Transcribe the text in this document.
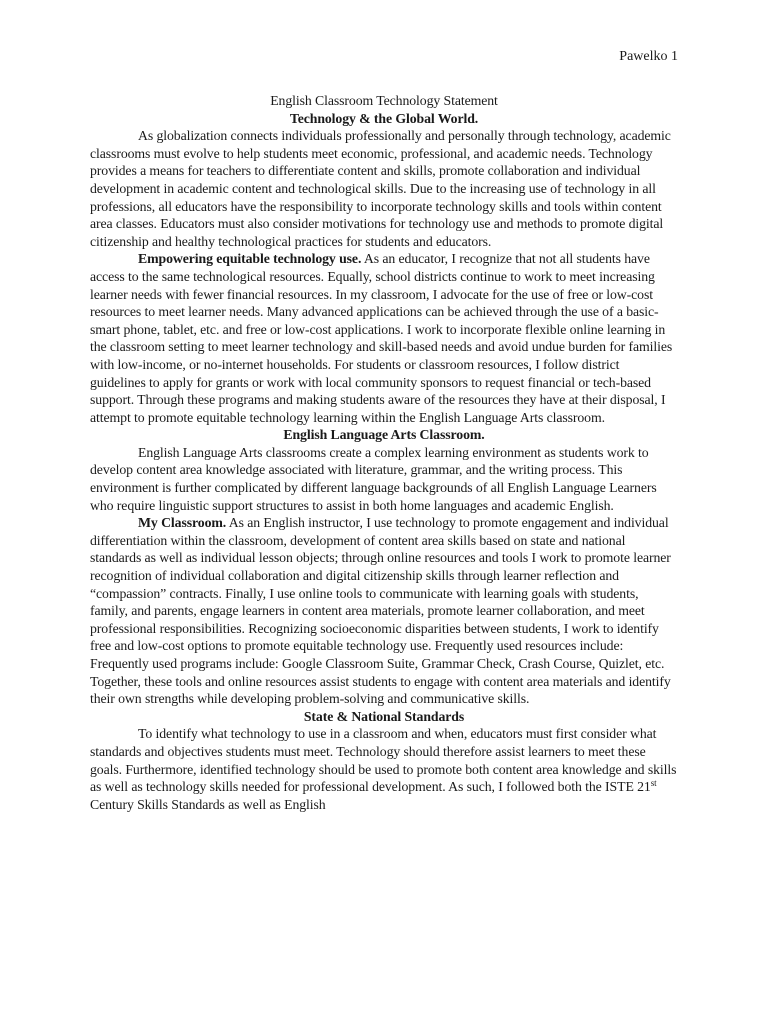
Pawelko 1

English Classroom Technology Statement

Technology & the Global World.

As globalization connects individuals professionally and personally through technology, academic classrooms must evolve to help students meet economic, professional, and academic needs. Technology provides a means for teachers to differentiate content and skills, promote collaboration and individual development in academic content and technological skills. Due to the increasing use of technology in all professions, all educators have the responsibility to incorporate technology skills and tools within content area classes. Educators must also consider motivations for technology use and methods to promote digital citizenship and healthy technological practices for students and educators.

Empowering equitable technology use. As an educator, I recognize that not all students have access to the same technological resources. Equally, school districts continue to work to meet increasing learner needs with fewer financial resources. In my classroom, I advocate for the use of free or low-cost resources to meet learner needs. Many advanced applications can be achieved through the use of a basic-smart phone, tablet, etc. and free or low-cost applications. I work to incorporate flexible online learning in the classroom setting to meet learner technology and skill-based needs and avoid undue burden for families with low-income, or no-internet households. For students or classroom resources, I follow district guidelines to apply for grants or work with local community sponsors to request financial or tech-based support. Through these programs and making students aware of the resources they have at their disposal, I attempt to promote equitable technology learning within the English Language Arts classroom.

English Language Arts Classroom.

English Language Arts classrooms create a complex learning environment as students work to develop content area knowledge associated with literature, grammar, and the writing process. This environment is further complicated by different language backgrounds of all English Language Learners who require linguistic support structures to assist in both home languages and academic English.

My Classroom. As an English instructor, I use technology to promote engagement and individual differentiation within the classroom, development of content area skills based on state and national standards as well as individual lesson objects; through online resources and tools I work to promote learner recognition of individual collaboration and digital citizenship skills through learner reflection and “compassion” contracts. Finally, I use online tools to communicate with learning goals with students, family, and parents, engage learners in content area materials, promote learner collaboration, and meet professional responsibilities. Recognizing socioeconomic disparities between students, I work to identify free and low-cost options to promote equitable technology use. Frequently used resources include: Frequently used programs include: Google Classroom Suite, Grammar Check, Crash Course, Quizlet, etc. Together, these tools and online resources assist students to engage with content area materials and identify their own strengths while developing problem-solving and communicative skills.

State & National Standards

To identify what technology to use in a classroom and when, educators must first consider what standards and objectives students must meet. Technology should therefore assist learners to meet these goals. Furthermore, identified technology should be used to promote both content area knowledge and skills as well as technology skills needed for professional development. As such, I followed both the ISTE 21st Century Skills Standards as well as English
